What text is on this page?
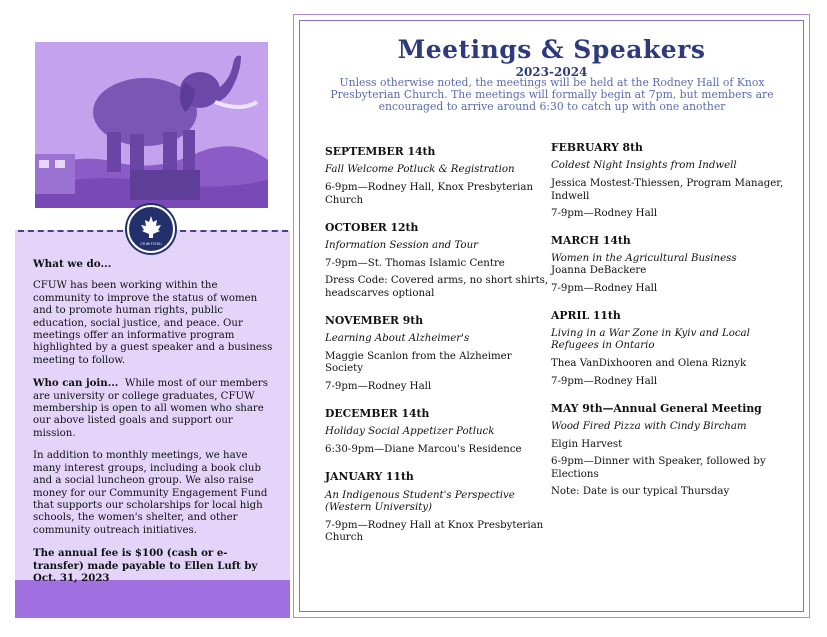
CFUW FCFDU
What we do...

CFUW has been working within the community to improve the status of women and to promote human rights, public education, social justice, and peace. Our meetings offer an informative program highlighted by a guest speaker and a business meeting to follow.

Who can join... While most of our members are university or college graduates, CFUW membership is open to all women who share our above listed goals and support our mission.

In addition to monthly meetings, we have many interest groups, including a book club and a social luncheon group. We also raise money for our Community Engagement Fund that supports our scholarships for local high schools, the women's shelter, and other community outreach initiatives.

The annual fee is $100 (cash or e-transfer) made payable to Ellen Luft by Oct. 31, 2023

Meetings & Speakers
2023-2024
Unless otherwise noted, the meetings will be held at the Rodney Hall of Knox Presbyterian Church. The meetings will formally begin at 7pm, but members are encouraged to arrive around 6:30 to catch up with one another
SEPTEMBER 14th
Fall Welcome Potluck & Registration
6-9pm—Rodney Hall, Knox Presbyterian Church
OCTOBER 12th
Information Session and Tour
7-9pm—St. Thomas Islamic Centre
Dress Code: Covered arms, no short shirts, headscarves optional
NOVEMBER 9th
Learning About Alzheimer's
Maggie Scanlon from the Alzheimer Society
7-9pm—Rodney Hall
DECEMBER 14th
Holiday Social Appetizer Potluck
6:30-9pm—Diane Marcou's Residence
JANUARY 11th
An Indigenous Student's Perspective (Western University)
7-9pm—Rodney Hall at Knox Presbyterian Church
FEBRUARY 8th
Coldest Night Insights from Indwell
Jessica Mostest-Thiessen, Program Manager, Indwell
7-9pm—Rodney Hall
MARCH 14th
Women in the Agricultural Business
Joanna DeBackere
7-9pm—Rodney Hall
APRIL 11th
Living in a War Zone in Kyiv and Local Refugees in Ontario
Thea VanDixhooren and Olena Riznyk
7-9pm—Rodney Hall
MAY 9th—Annual General Meeting
Wood Fired Pizza with Cindy Bircham
Elgin Harvest
6-9pm—Dinner with Speaker, followed by Elections
Note: Date is our typical Thursday
